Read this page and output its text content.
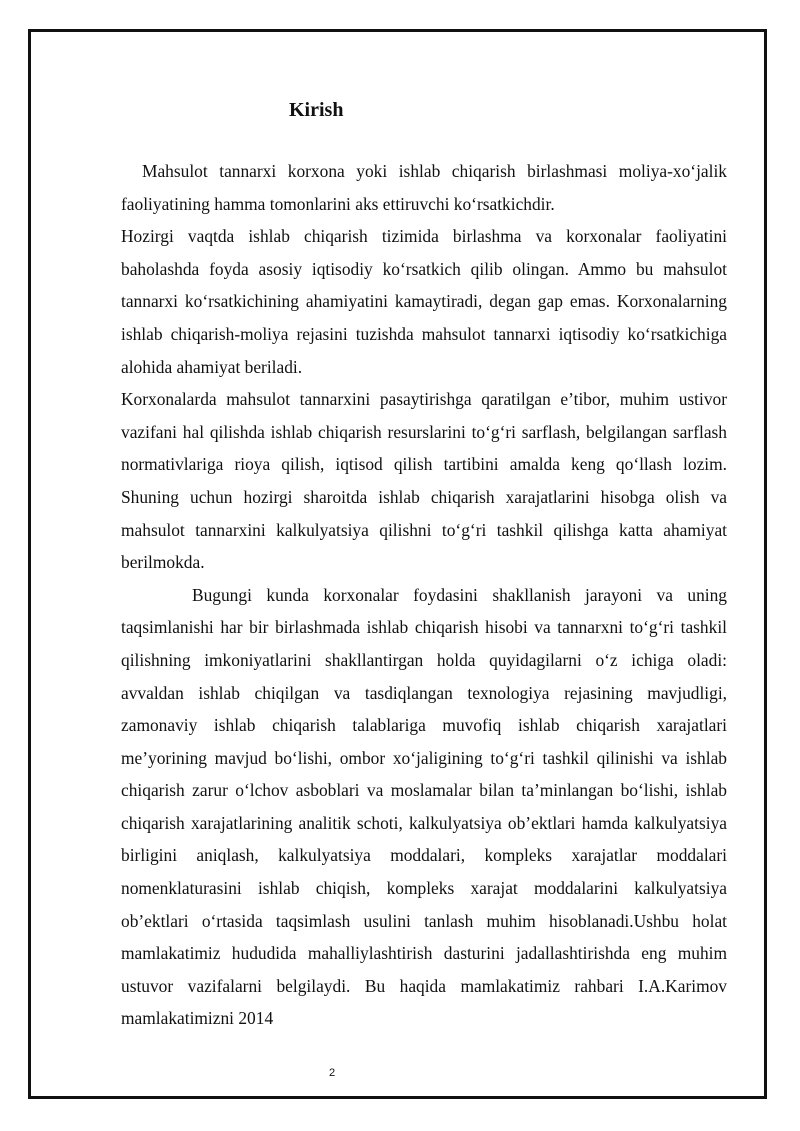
Kirish

Mahsulot tannarxi korxona yoki ishlab chiqarish birlashmasi moliya-xoʻjalik faoliyatining hamma tomonlarini aks ettiruvchi koʻrsatkichdir.

Hozirgi vaqtda ishlab chiqarish tizimida birlashma va korxonalar faoliyatini baholashda foyda asosiy iqtisodiy koʻrsatkich qilib olingan. Ammo bu mahsulot tannarxi koʻrsatkichining ahamiyatini kamaytiradi, degan gap emas. Korxonalarning ishlab chiqarish-moliya rejasini tuzishda mahsulot tannarxi iqtisodiy koʻrsatkichiga alohida ahamiyat beriladi.

Korxonalarda mahsulot tannarxini pasaytirishga qaratilgan e’tibor, muhim ustivor vazifani hal qilishda ishlab chiqarish resurslarini toʻgʻri sarflash, belgilangan sarflash normativlariga rioya qilish, iqtisod qilish tartibini amalda keng qoʻllash lozim. Shuning uchun hozirgi sharoitda ishlab chiqarish xarajatlarini hisobga olish va mahsulot tannarxini kalkulyatsiya qilishni toʻgʻri tashkil qilishga katta ahamiyat berilmokda.

Bugungi kunda korxonalar foydasini shakllanish jarayoni va uning taqsimlanishi har bir birlashmada ishlab chiqarish hisobi va tannarxni toʻgʻri tashkil qilishning imkoniyatlarini shakllantirgan holda quyidagilarni oʻz ichiga oladi: avvaldan ishlab chiqilgan va tasdiqlangan texnologiya rejasining mavjudligi, zamonaviy ishlab chiqarish talablariga muvofiq ishlab chiqarish xarajatlari me’yorining mavjud boʻlishi, ombor xoʻjaligining toʻgʻri tashkil qilinishi va ishlab chiqarish zarur oʻlchov asboblari va moslamalar bilan ta’minlangan boʻlishi, ishlab chiqarish xarajatlarining analitik schoti, kalkulyatsiya ob’ektlari hamda kalkulyatsiya birligini aniqlash, kalkulyatsiya moddalari, kompleks xarajatlar moddalari nomenklaturasini ishlab chiqish, kompleks xarajat moddalarini kalkulyatsiya ob’ektlari oʻrtasida taqsimlash usulini tanlash muhim hisoblanadi.Ushbu holat mamlakatimiz hududida mahalliylashtirish dasturini jadallashtirishda eng muhim ustuvor vazifalarni belgilaydi. Bu haqida mamlakatimiz rahbari I.A.Karimov mamlakatimizni 2014

2
